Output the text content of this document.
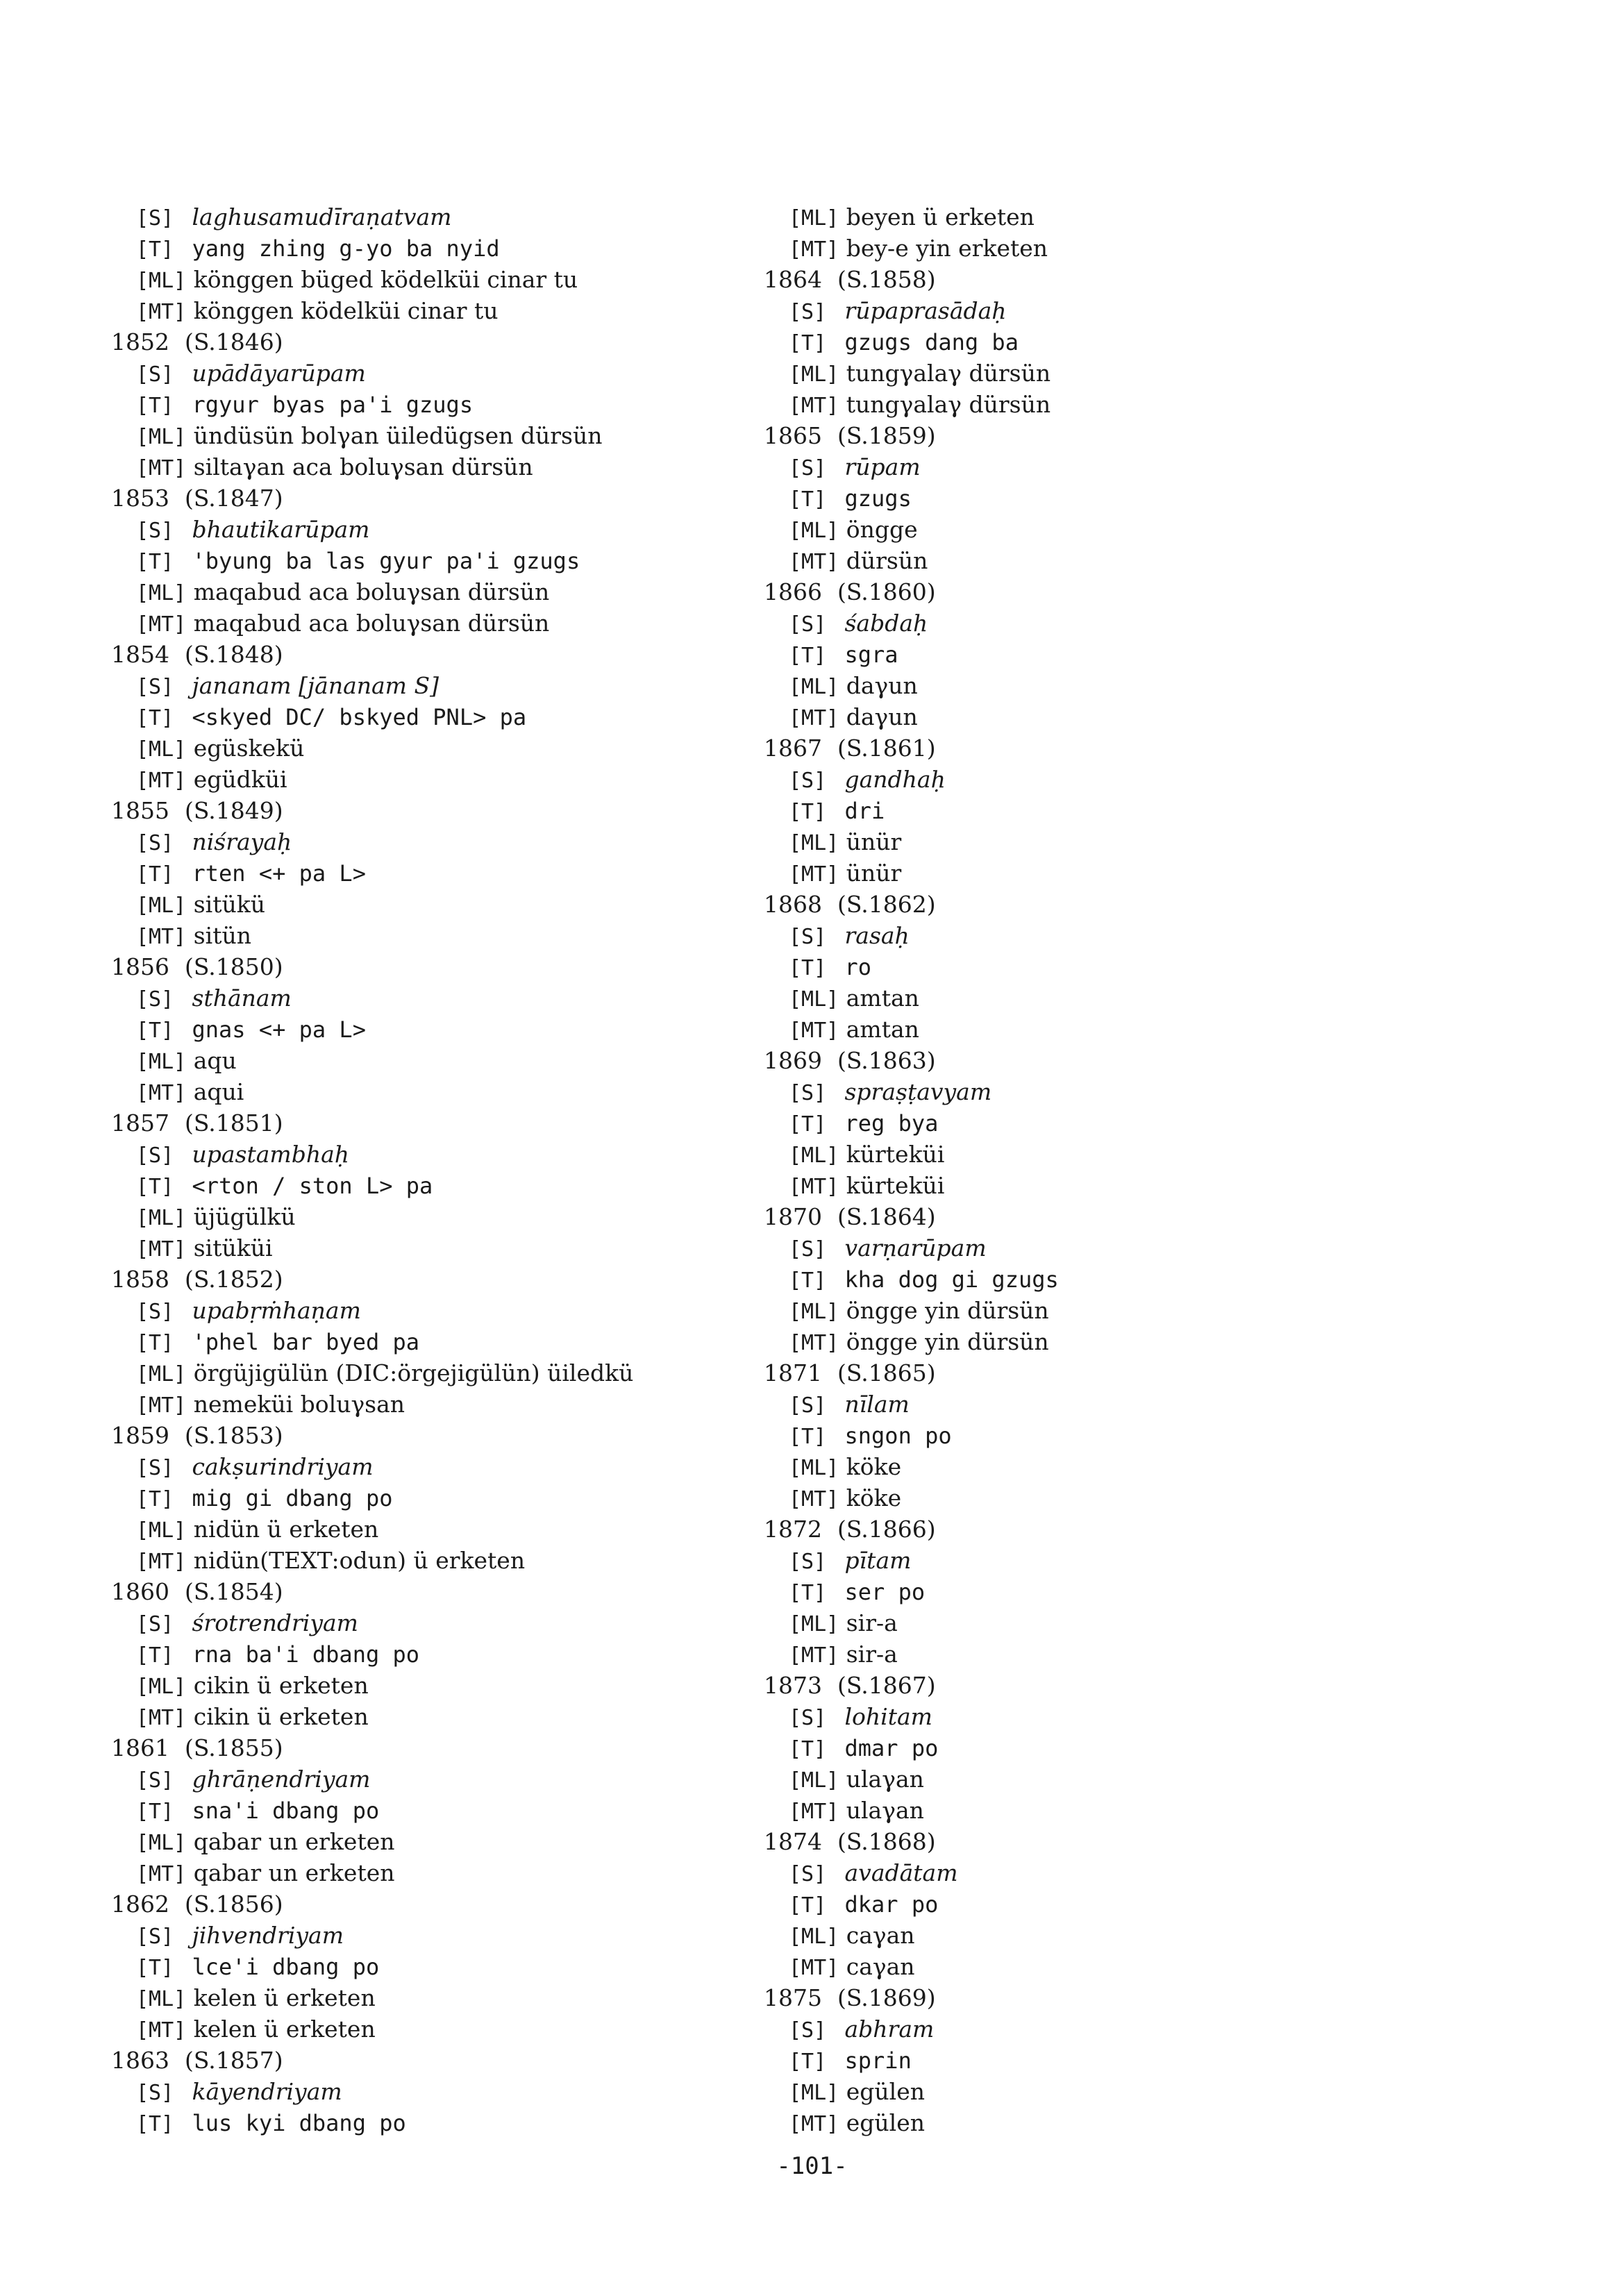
[S] laghusamudīraṇatvam
[T] yang zhing g-yo ba nyid
[ML] könggen büged ködelküi cinar tu
[MT] könggen ködelküi cinar tu
1852 (S.1846)
[S] upādāyarūpam
[T] rgyur byas pa'i gzugs
[ML] ündüsün bolγan üiledügsen dürsün
[MT] siltaγan aca boluγsan dürsün
1853 (S.1847)
[S] bhautikarūpam
[T] 'byung ba las gyur pa'i gzugs
[ML] maqabud aca boluγsan dürsün
[MT] maqabud aca boluγsan dürsün
1854 (S.1848)
[S] jananam [jānanam S]
[T] <skyed DC/ bskyed PNL> pa
[ML] egüskekü
[MT] egüdküi
1855 (S.1849)
[S] niśrayaḥ
[T] rten <+ pa L>
[ML] sitükü
[MT] sitün
1856 (S.1850)
[S] sthānam
[T] gnas <+ pa L>
[ML] aqu
[MT] aqui
1857 (S.1851)
[S] upastambhaḥ
[T] <rton / ston L> pa
[ML] üjügülkü
[MT] sitüküi
1858 (S.1852)
[S] upabṛṁhaṇam
[T] 'phel bar byed pa
[ML] örgüjigülün (DIC:örgejigülün) üiledkü
[MT] nemeküi boluγsan
1859 (S.1853)
[S] cakṣurindriyam
[T] mig gi dbang po
[ML] nidün ü erketen
[MT] nidün(TEXT:odun) ü erketen
1860 (S.1854)
[S] śrotrendriyam
[T] rna ba'i dbang po
[ML] cikin ü erketen
[MT] cikin ü erketen
1861 (S.1855)
[S] ghrāṇendriyam
[T] sna'i dbang po
[ML] qabar un erketen
[MT] qabar un erketen
1862 (S.1856)
[S] jihvendriyam
[T] lce'i dbang po
[ML] kelen ü erketen
[MT] kelen ü erketen
1863 (S.1857)
[S] kāyendriyam
[T] lus kyi dbang po
[ML] beyen ü erketen
[MT] bey-e yin erketen
1864 (S.1858)
[S] rūpaprasādaḥ
[T] gzugs dang ba
[ML] tungγalaγ dürsün
[MT] tungγalaγ dürsün
1865 (S.1859)
[S] rūpam
[T] gzugs
[ML] öngge
[MT] dürsün
1866 (S.1860)
[S] śabdaḥ
[T] sgra
[ML] daγun
[MT] daγun
1867 (S.1861)
[S] gandhaḥ
[T] dri
[ML] ünür
[MT] ünür
1868 (S.1862)
[S] rasaḥ
[T] ro
[ML] amtan
[MT] amtan
1869 (S.1863)
[S] spraṣṭavyam
[T] reg bya
[ML] kürteküi
[MT] kürteküi
1870 (S.1864)
[S] varṇarūpam
[T] kha dog gi gzugs
[ML] öngge yin dürsün
[MT] öngge yin dürsün
1871 (S.1865)
[S] nīlam
[T] sngon po
[ML] köke
[MT] köke
1872 (S.1866)
[S] pītam
[T] ser po
[ML] sir-a
[MT] sir-a
1873 (S.1867)
[S] lohitam
[T] dmar po
[ML] ulaγan
[MT] ulaγan
1874 (S.1868)
[S] avadātam
[T] dkar po
[ML] caγan
[MT] caγan
1875 (S.1869)
[S] abhram
[T] sprin
[ML] egülen
[MT] egülen
-101-
